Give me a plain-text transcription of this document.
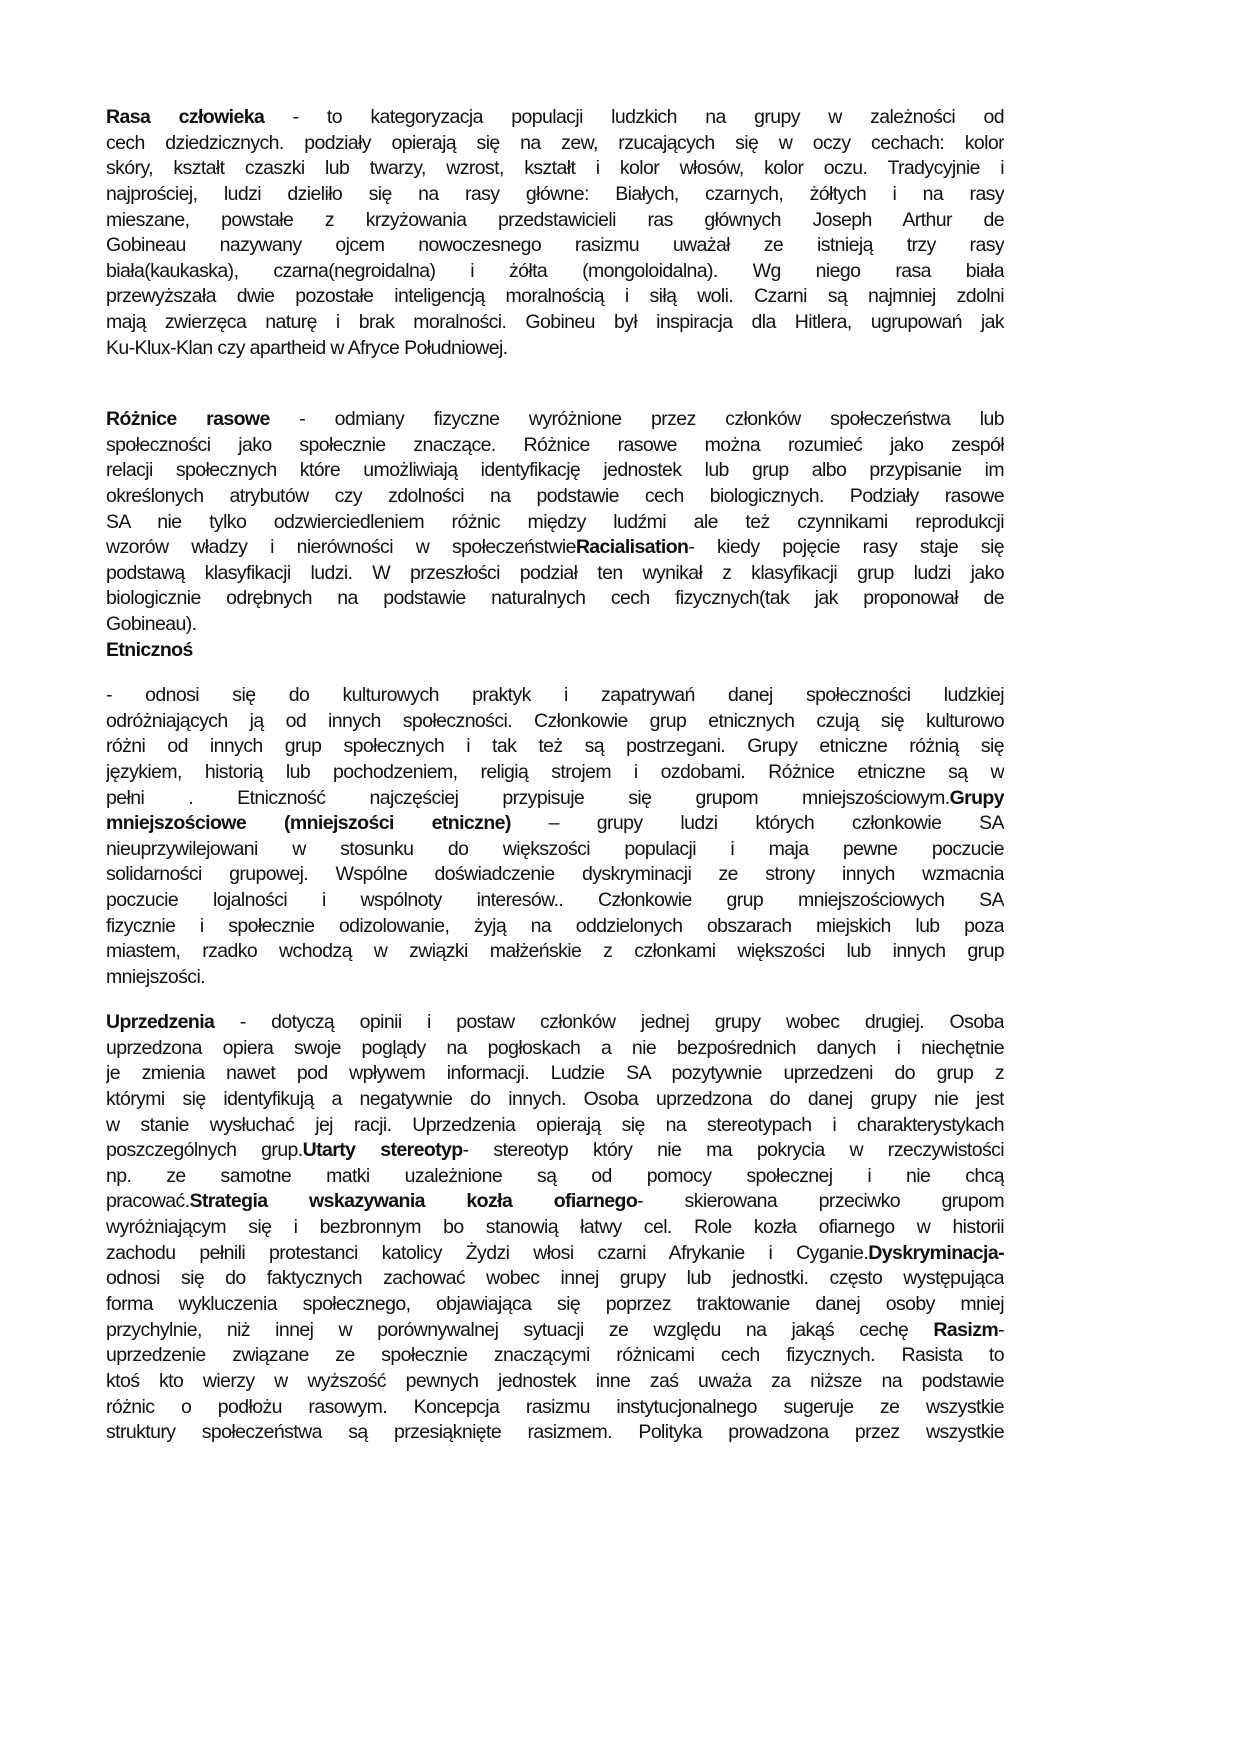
Rasa człowieka - to kategoryzacja populacji ludzkich na grupy w zależności od
cech dziedzicznych. podziały opierają się na zew, rzucających się w oczy cechach: kolor
skóry, kształt czaszki lub twarzy, wzrost, kształt i kolor włosów, kolor oczu. Tradycyjnie i
najprościej, ludzi dzieliło się na rasy główne: Białych, czarnych, żółtych i na rasy
mieszane, powstałe z krzyżowania przedstawicieli ras głównych Joseph Arthur de
Gobineau nazywany ojcem nowoczesnego rasizmu uważał ze istnieją trzy rasy
biała(kaukaska), czarna(negroidalna) i żółta (mongoloidalna). Wg niego rasa biała
przewyższała dwie pozostałe inteligencją moralnością i siłą woli. Czarni są najmniej zdolni
mają zwierzęca naturę i brak moralności. Gobineu był inspiracja dla Hitlera, ugrupowań jak
Ku-Klux-Klan czy apartheid w Afryce Południowej.
Różnice rasowe - odmiany fizyczne wyróżnione przez członków społeczeństwa lub
społeczności jako społecznie znaczące. Różnice rasowe można rozumieć jako zespół
relacji społecznych które umożliwiają identyfikację jednostek lub grup albo przypisanie im
określonych atrybutów czy zdolności na podstawie cech biologicznych. Podziały rasowe
SA nie tylko odzwierciedleniem różnic między ludźmi ale też czynnikami reprodukcji
wzorów władzy i nierówności w społeczeństwieRacialisation- kiedy pojęcie rasy staje się
podstawą klasyfikacji ludzi. W przeszłości podział ten wynikał z klasyfikacji grup ludzi jako
biologicznie odrębnych na podstawie naturalnych cech fizycznych(tak jak proponował de
Gobineau).
Etnicznoś
- odnosi się do kulturowych praktyk i zapatrywań danej społeczności ludzkiej
odróżniających ją od innych społeczności. Członkowie grup etnicznych czują się kulturowo
różni od innych grup społecznych i tak też są postrzegani. Grupy etniczne różnią się
językiem, historią lub pochodzeniem, religią strojem i ozdobami. Różnice etniczne są w
pełni . Etniczność najczęściej przypisuje się grupom mniejszościowym.Grupy
mniejszościowe (mniejszości etniczne) – grupy ludzi których członkowie SA
nieuprzywilejowani w stosunku do większości populacji i maja pewne poczucie
solidarności grupowej. Wspólne doświadczenie dyskryminacji ze strony innych wzmacnia
poczucie lojalności i wspólnoty interesów.. Członkowie grup mniejszościowych SA
fizycznie i społecznie odizolowanie, żyją na oddzielonych obszarach miejskich lub poza
miastem, rzadko wchodzą w związki małżeńskie z członkami większości lub innych grup
mniejszości.
Uprzedzenia - dotyczą opinii i postaw członków jednej grupy wobec drugiej. Osoba
uprzedzona opiera swoje poglądy na pogłoskach a nie bezpośrednich danych i niechętnie
je zmienia nawet pod wpływem informacji. Ludzie SA pozytywnie uprzedzeni do grup z
którymi się identyfikują a negatywnie do innych. Osoba uprzedzona do danej grupy nie jest
w stanie wysłuchać jej racji. Uprzedzenia opierają się na stereotypach i charakterystykach
poszczególnych grup.Utarty stereotyp- stereotyp który nie ma pokrycia w rzeczywistości
np. ze samotne matki uzależnione są od pomocy społecznej i nie chcą
pracować.Strategia wskazywania kozła ofiarnego- skierowana przeciwko grupom
wyróżniającym się i bezbronnym bo stanowią łatwy cel. Role kozła ofiarnego w historii
zachodu pełnili protestanci katolicy Żydzi włosi czarni Afrykanie i Cyganie.Dyskryminacja-
odnosi się do faktycznych zachować wobec innej grupy lub jednostki. często występująca
forma wykluczenia społecznego, objawiająca się poprzez traktowanie danej osoby mniej
przychylnie, niż innej w porównywalnej sytuacji ze względu na jakąś cechę Rasizm-
uprzedzenie związane ze społecznie znaczącymi różnicami cech fizycznych. Rasista to
ktoś kto wierzy w wyższość pewnych jednostek inne zaś uważa za niższe na podstawie
różnic o podłożu rasowym. Koncepcja rasizmu instytucjonalnego sugeruje ze wszystkie
struktury społeczeństwa są przesiąknięte rasizmem. Polityka prowadzona przez wszystkie
